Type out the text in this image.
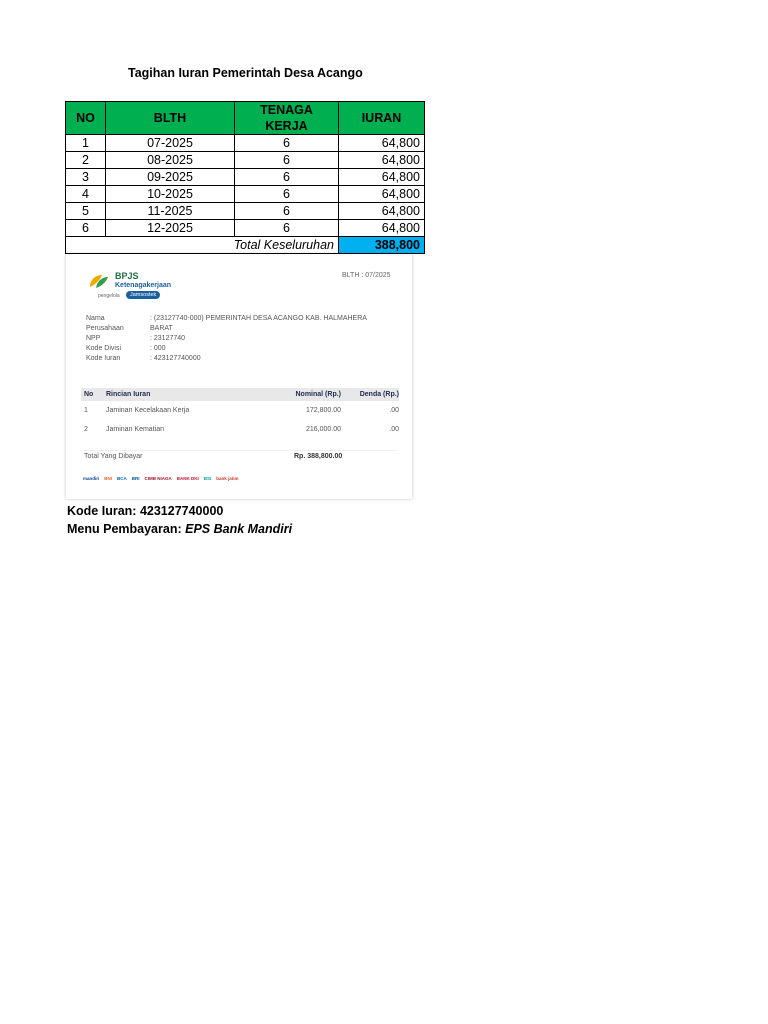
Tagihan Iuran Pemerintah Desa Acango
NO	BLTH	TENAGA KERJA	IURAN
1	07-2025	6	64,800
2	08-2025	6	64,800
3	09-2025	6	64,800
4	10-2025	6	64,800
5	11-2025	6	64,800
6	12-2025	6	64,800
	Total Keseluruhan		388,800
BPJS
Ketenagakerjaan
pengelola	Jamsostek
BLTH : 07/2025
Nama	: (23127740-000) PEMERINTAH DESA ACANGO KAB. HALMAHERA
Perusahaan	BARAT
NPP	: 23127740
Kode Divisi	: 000
Kode Iuran	: 423127740000
No	Rincian Iuran	Nominal (Rp.)	Denda (Rp.)
1	Jaminan Kecelakaan Kerja	172,800.00	.00
2	Jaminan Kematian	216,000.00	.00
Total Yang Dibayar	Rp. 388,800.00
mandiri BNI BCA BRI CIMB NIAGA BANK DKI BSI bank jatim
Kode Iuran: 423127740000
Menu Pembayaran: EPS Bank Mandiri
